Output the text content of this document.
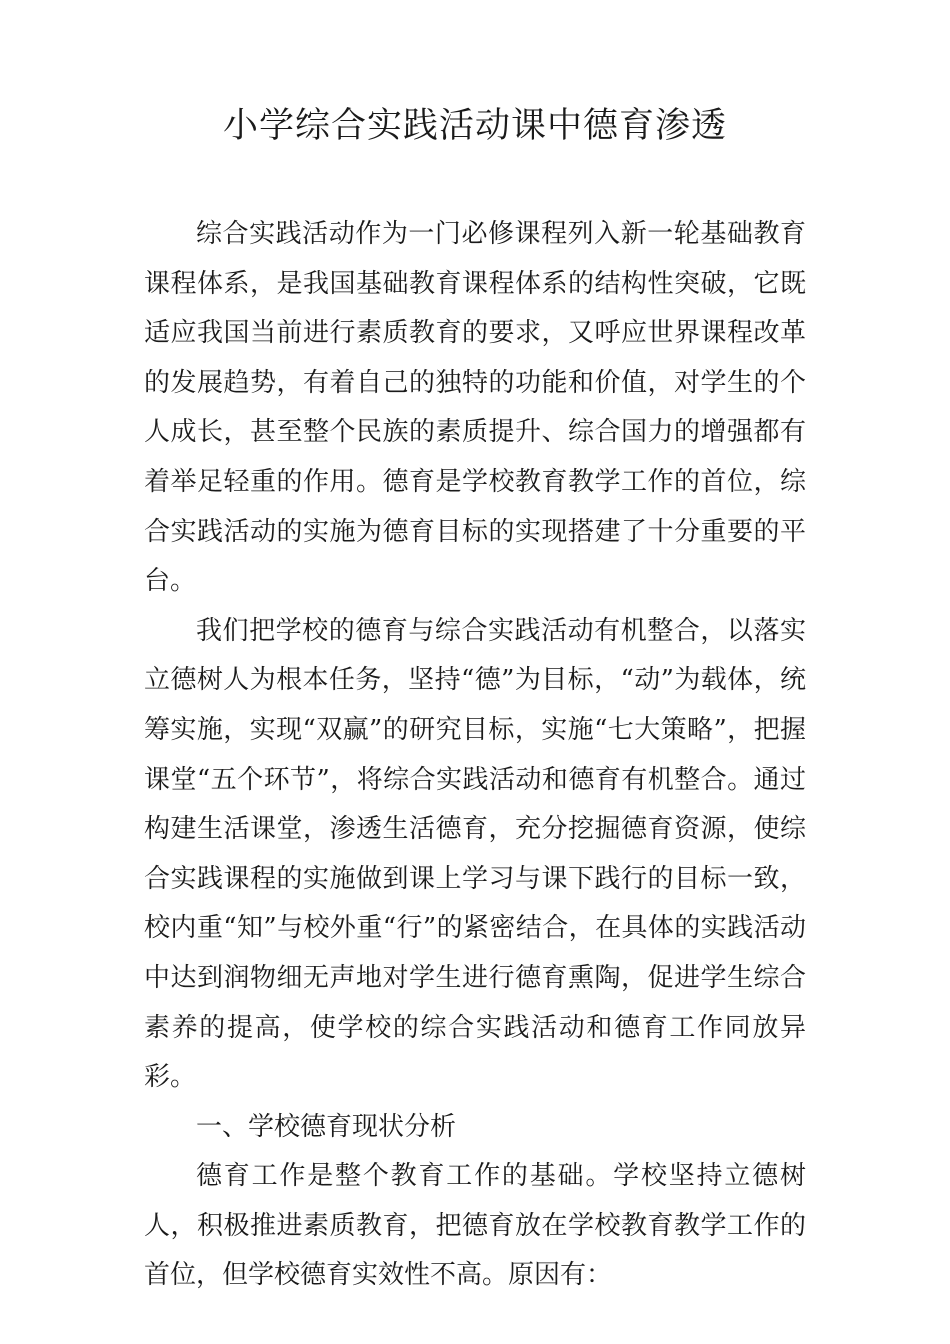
小学综合实践活动课中德育渗透

综合实践活动作为一门必修课程列入新一轮基础教育课程体系，是我国基础教育课程体系的结构性突破，它既适应我国当前进行素质教育的要求，又呼应世界课程改革的发展趋势，有着自己的独特的功能和价值，对学生的个人成长，甚至整个民族的素质提升、综合国力的增强都有着举足轻重的作用。德育是学校教育教学工作的首位，综合实践活动的实施为德育目标的实现搭建了十分重要的平台。

我们把学校的德育与综合实践活动有机整合，以落实立德树人为根本任务，坚持“德”为目标，“动”为载体，统筹实施，实现“双赢”的研究目标，实施“七大策略”，把握课堂“五个环节”，将综合实践活动和德育有机整合。通过构建生活课堂，渗透生活德育，充分挖掘德育资源，使综合实践课程的实施做到课上学习与课下践行的目标一致，校内重“知”与校外重“行”的紧密结合，在具体的实践活动中达到润物细无声地对学生进行德育熏陶，促进学生综合素养的提高，使学校的综合实践活动和德育工作同放异彩。

一、学校德育现状分析

德育工作是整个教育工作的基础。学校坚持立德树人，积极推进素质教育，把德育放在学校教育教学工作的首位，但学校德育实效性不高。原因有：
